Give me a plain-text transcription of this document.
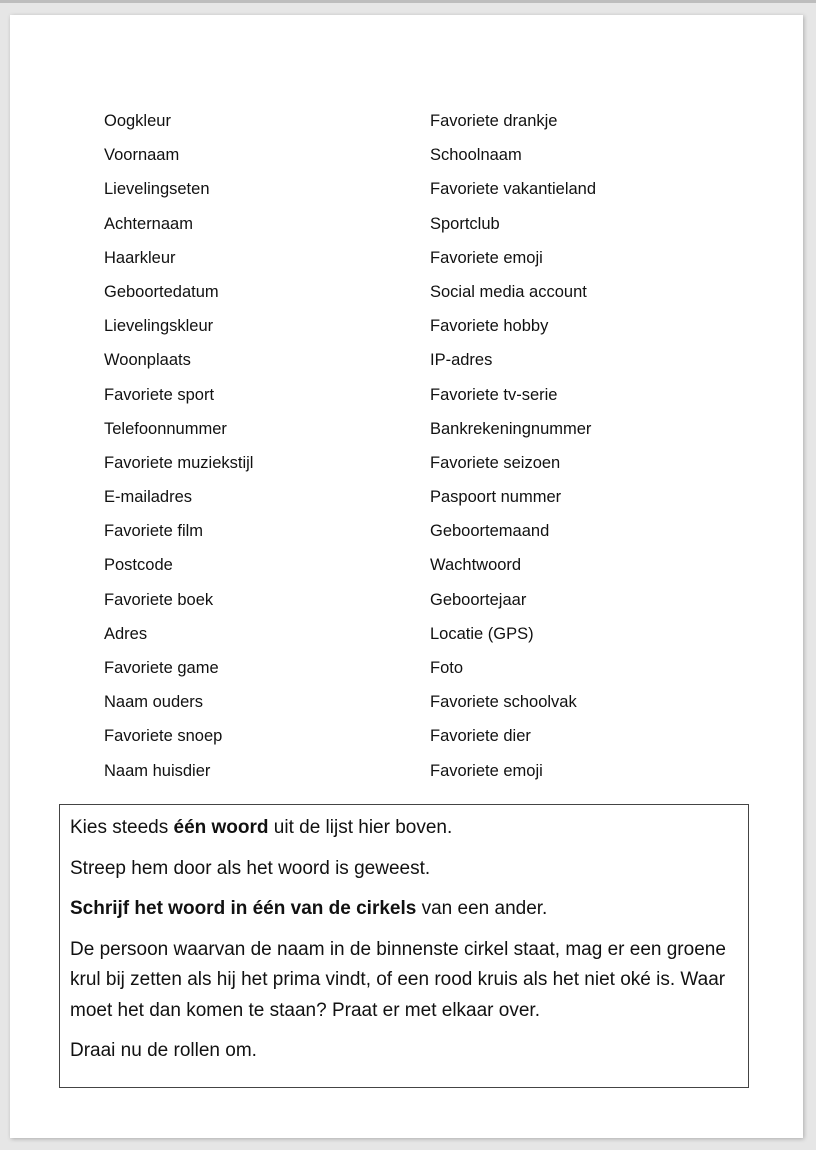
Oogkleur
Voornaam
Lievelingseten
Achternaam
Haarkleur
Geboortedatum
Lievelingskleur
Woonplaats
Favoriete sport
Telefoonnummer
Favoriete muziekstijl
E-mailadres
Favoriete film
Postcode
Favoriete boek
Adres
Favoriete game
Naam ouders
Favoriete snoep
Naam huisdier
Favoriete drankje
Schoolnaam
Favoriete vakantieland
Sportclub
Favoriete emoji
Social media account
Favoriete hobby
IP-adres
Favoriete tv-serie
Bankrekeningnummer
Favoriete seizoen
Paspoort nummer
Geboortemaand
Wachtwoord
Geboortejaar
Locatie (GPS)
Foto
Favoriete schoolvak
Favoriete dier
Favoriete emoji

Kies steeds één woord uit de lijst hier boven.

Streep hem door als het woord is geweest.

Schrijf het woord in één van de cirkels van een ander.

De persoon waarvan de naam in de binnenste cirkel staat, mag er een groene krul bij zetten als hij het prima vindt, of een rood kruis als het niet oké is. Waar moet het dan komen te staan? Praat er met elkaar over.

Draai nu de rollen om.
